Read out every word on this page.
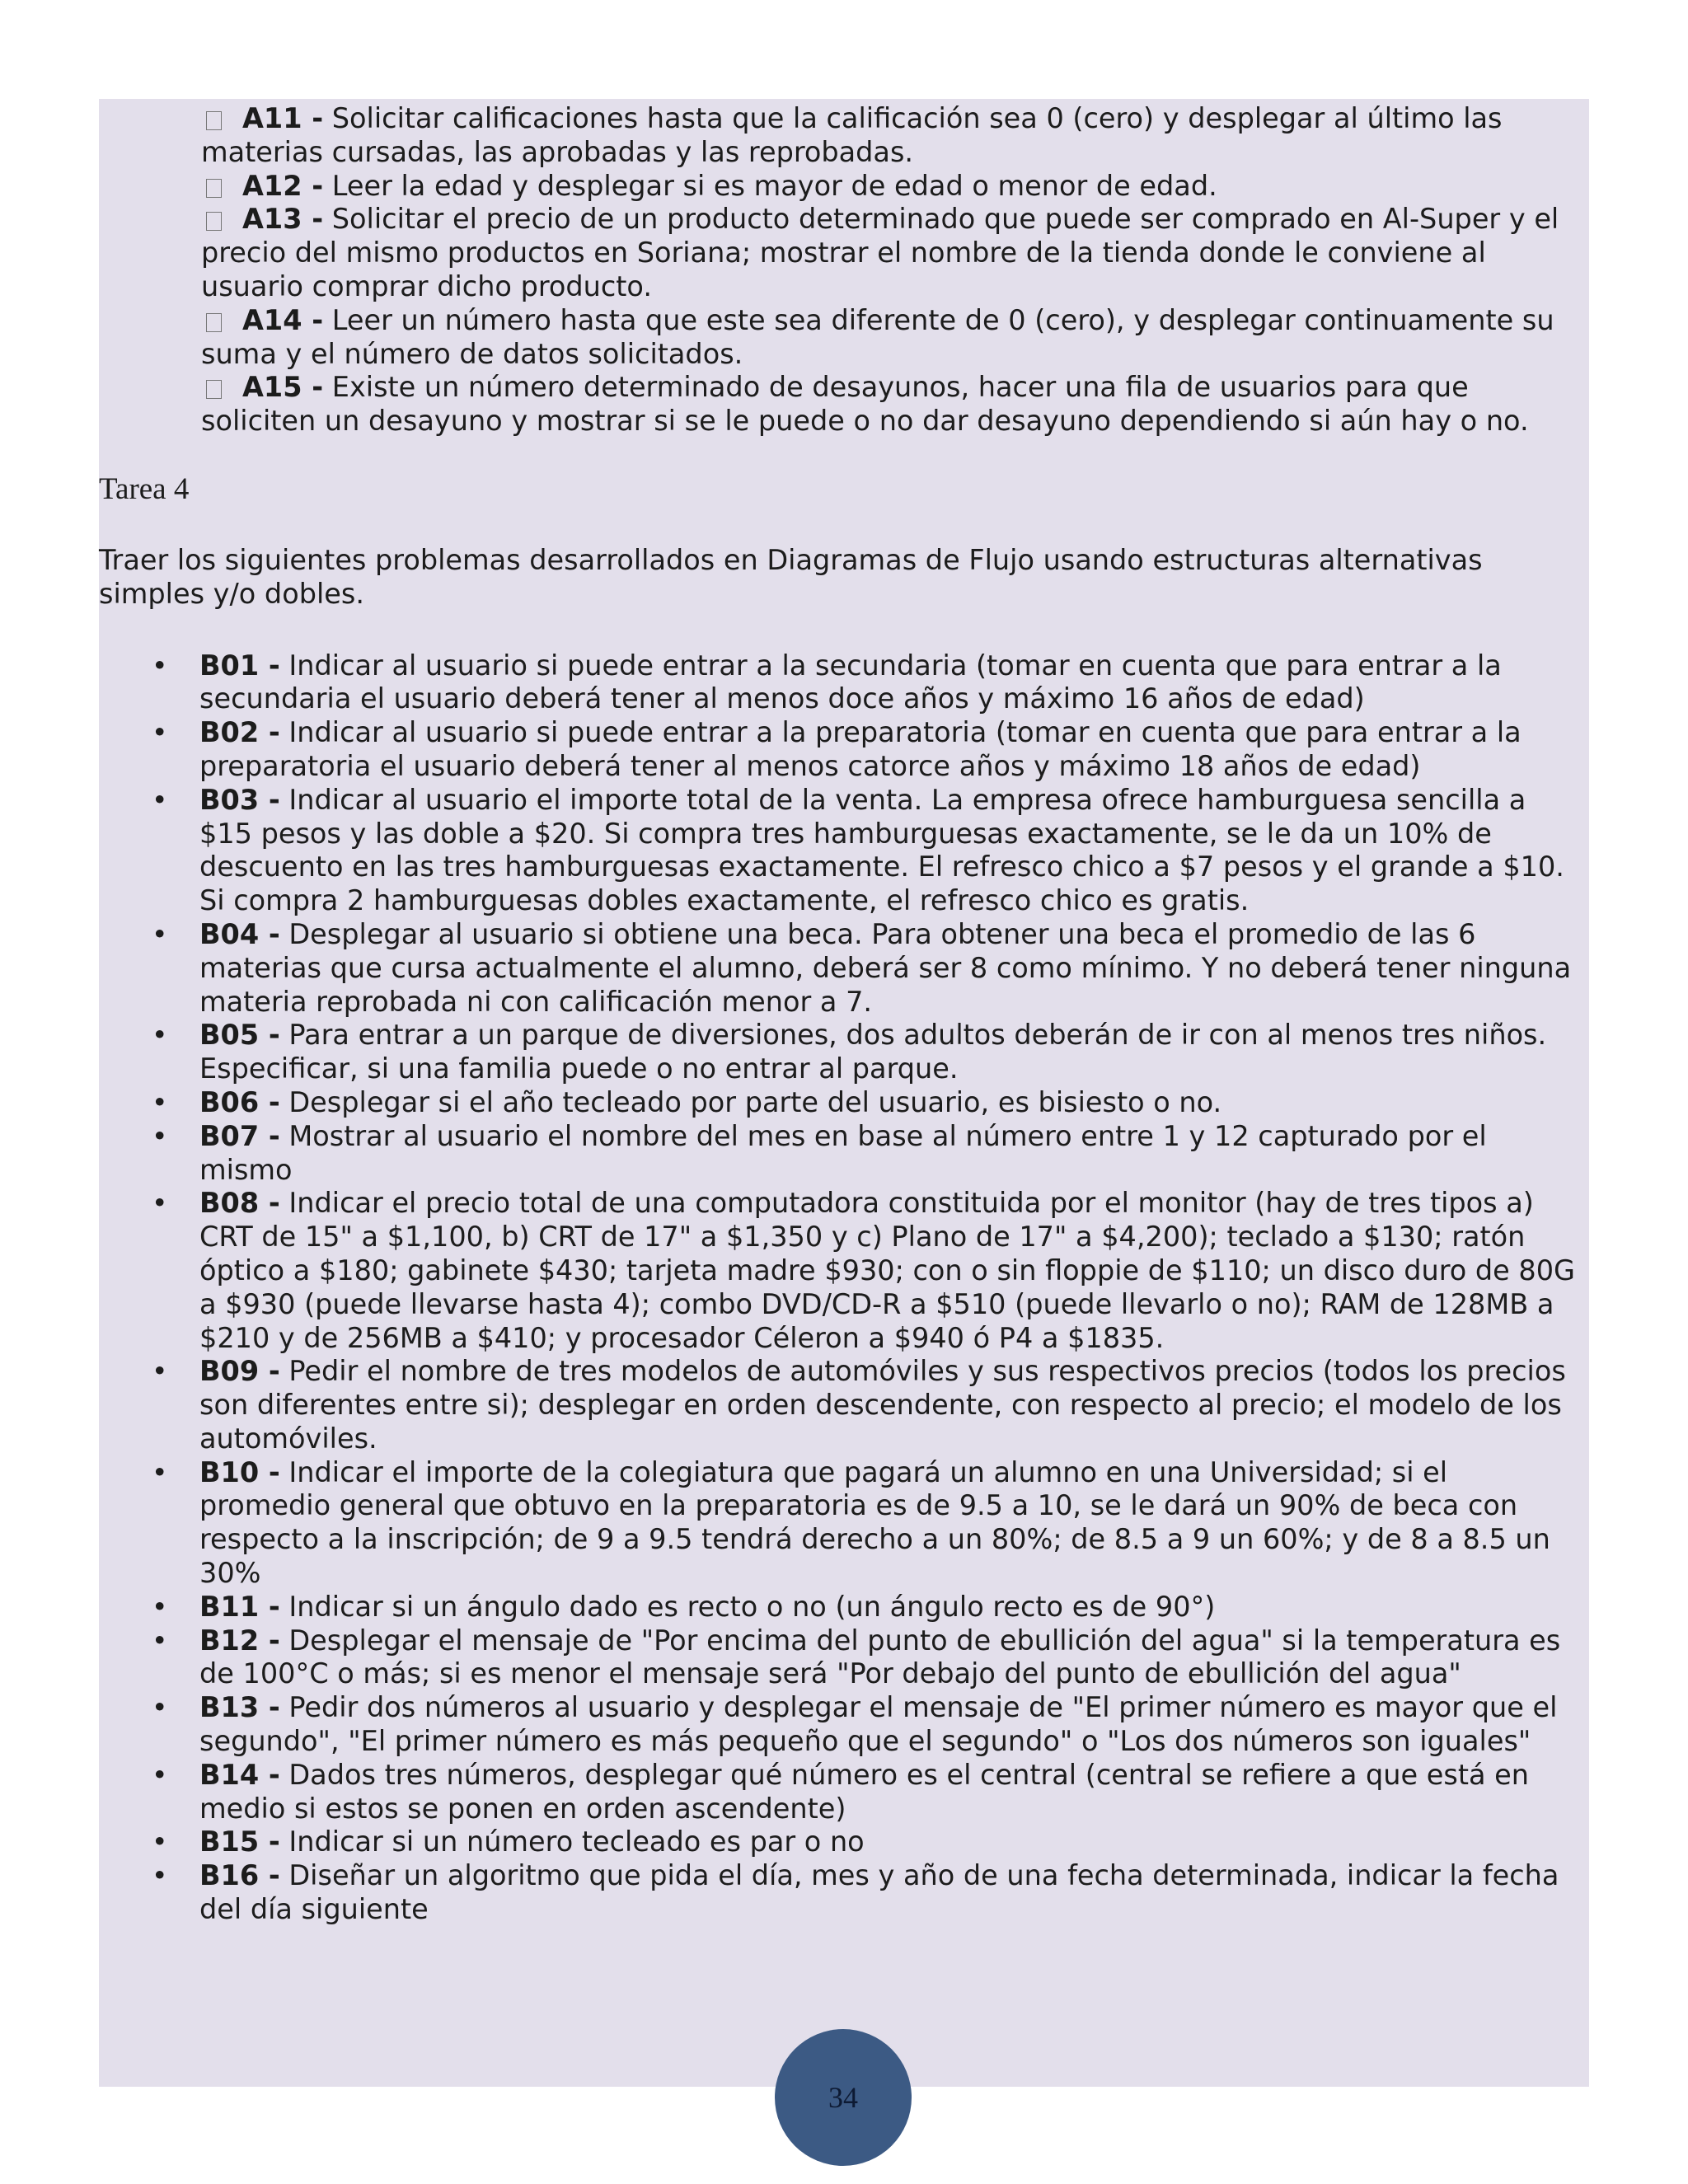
A11 - Solicitar calificaciones hasta que la calificación sea 0 (cero) y desplegar al último las materias cursadas, las aprobadas y las reprobadas.
A12 - Leer la edad y desplegar si es mayor de edad o menor de edad.
A13 - Solicitar el precio de un producto determinado que puede ser comprado en Al-Super y el precio del mismo productos en Soriana; mostrar el nombre de la tienda donde le conviene al usuario comprar dicho producto.
A14 - Leer un número hasta que este sea diferente de 0 (cero), y desplegar continuamente su suma y el número de datos solicitados.
A15 - Existe un número determinado de desayunos, hacer una fila de usuarios para que soliciten un desayuno y mostrar si se le puede o no dar desayuno dependiendo si aún hay o no.
Tarea 4
Traer los siguientes problemas desarrollados en Diagramas de Flujo usando estructuras alternativas simples y/o dobles.
• B01 - Indicar al usuario si puede entrar a la secundaria (tomar en cuenta que para entrar a la secundaria el usuario deberá tener al menos doce años y máximo 16 años de edad)
• B02 - Indicar al usuario si puede entrar a la preparatoria (tomar en cuenta que para entrar a la preparatoria el usuario deberá tener al menos catorce años y máximo 18 años de edad)
• B03 - Indicar al usuario el importe total de la venta. La empresa ofrece hamburguesa sencilla a $15 pesos y las doble a $20. Si compra tres hamburguesas exactamente, se le da un 10% de descuento en las tres hamburguesas exactamente. El refresco chico a $7 pesos y el grande a $10. Si compra 2 hamburguesas dobles exactamente, el refresco chico es gratis.
• B04 - Desplegar al usuario si obtiene una beca. Para obtener una beca el promedio de las 6 materias que cursa actualmente el alumno, deberá ser 8 como mínimo. Y no deberá tener ninguna materia reprobada ni con calificación menor a 7.
• B05 - Para entrar a un parque de diversiones, dos adultos deberán de ir con al menos tres niños. Especificar, si una familia puede o no entrar al parque.
• B06 - Desplegar si el año tecleado por parte del usuario, es bisiesto o no.
• B07 - Mostrar al usuario el nombre del mes en base al número entre 1 y 12 capturado por el mismo
• B08 - Indicar el precio total de una computadora constituida por el monitor (hay de tres tipos a) CRT de 15" a $1,100, b) CRT de 17" a $1,350 y c) Plano de 17" a $4,200); teclado a $130; ratón óptico a $180; gabinete $430; tarjeta madre $930; con o sin floppie de $110; un disco duro de 80G a $930 (puede llevarse hasta 4); combo DVD/CD-R a $510 (puede llevarlo o no); RAM de 128MB a $210 y de 256MB a $410; y procesador Céleron a $940 ó P4 a $1835.
• B09 - Pedir el nombre de tres modelos de automóviles y sus respectivos precios (todos los precios son diferentes entre si); desplegar en orden descendente, con respecto al precio; el modelo de los automóviles.
• B10 - Indicar el importe de la colegiatura que pagará un alumno en una Universidad; si el promedio general que obtuvo en la preparatoria es de 9.5 a 10, se le dará un 90% de beca con respecto a la inscripción; de 9 a 9.5 tendrá derecho a un 80%; de 8.5 a 9 un 60%; y de 8 a 8.5 un 30%
• B11 - Indicar si un ángulo dado es recto o no (un ángulo recto es de 90°)
• B12 - Desplegar el mensaje de "Por encima del punto de ebullición del agua" si la temperatura es de 100°C o más; si es menor el mensaje será "Por debajo del punto de ebullición del agua"
• B13 - Pedir dos números al usuario y desplegar el mensaje de "El primer número es mayor que el segundo", "El primer número es más pequeño que el segundo" o "Los dos números son iguales"
• B14 - Dados tres números, desplegar qué número es el central (central se refiere a que está en medio si estos se ponen en orden ascendente)
• B15 - Indicar si un número tecleado es par o no
• B16 - Diseñar un algoritmo que pida el día, mes y año de una fecha determinada, indicar la fecha del día siguiente
34
